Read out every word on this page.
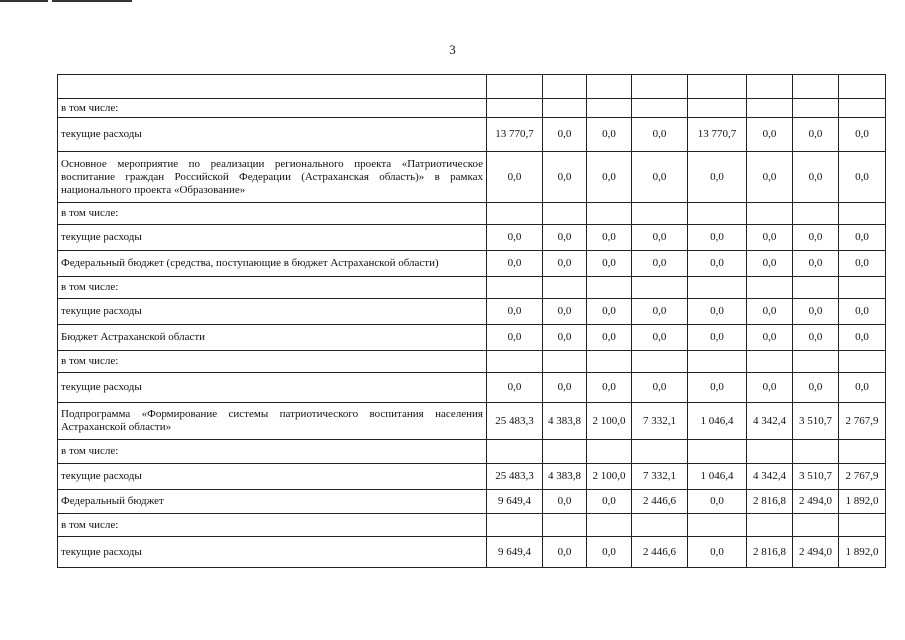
3

в том числе:								
текущие расходы	13 770,7	0,0	0,0	0,0	13 770,7	0,0	0,0	0,0
Основное мероприятие по реализации регионального проекта «Патриотическое воспитание граждан Российской Федерации (Астраханская область)» в рамках национального проекта «Образование»	0,0	0,0	0,0	0,0	0,0	0,0	0,0	0,0
в том числе:								
текущие расходы	0,0	0,0	0,0	0,0	0,0	0,0	0,0	0,0
Федеральный бюджет (средства, поступающие в бюджет Астраханской области)	0,0	0,0	0,0	0,0	0,0	0,0	0,0	0,0
в том числе:								
текущие расходы	0,0	0,0	0,0	0,0	0,0	0,0	0,0	0,0
Бюджет Астраханской области	0,0	0,0	0,0	0,0	0,0	0,0	0,0	0,0
в том числе:								
текущие расходы	0,0	0,0	0,0	0,0	0,0	0,0	0,0	0,0
Подпрограмма «Формирование системы патриотического воспитания населения Астраханской области»	25 483,3	4 383,8	2 100,0	7 332,1	1 046,4	4 342,4	3 510,7	2 767,9
в том числе:								
текущие расходы	25 483,3	4 383,8	2 100,0	7 332,1	1 046,4	4 342,4	3 510,7	2 767,9
Федеральный бюджет	9 649,4	0,0	0,0	2 446,6	0,0	2 816,8	2 494,0	1 892,0
в том числе:								
текущие расходы	9 649,4	0,0	0,0	2 446,6	0,0	2 816,8	2 494,0	1 892,0
